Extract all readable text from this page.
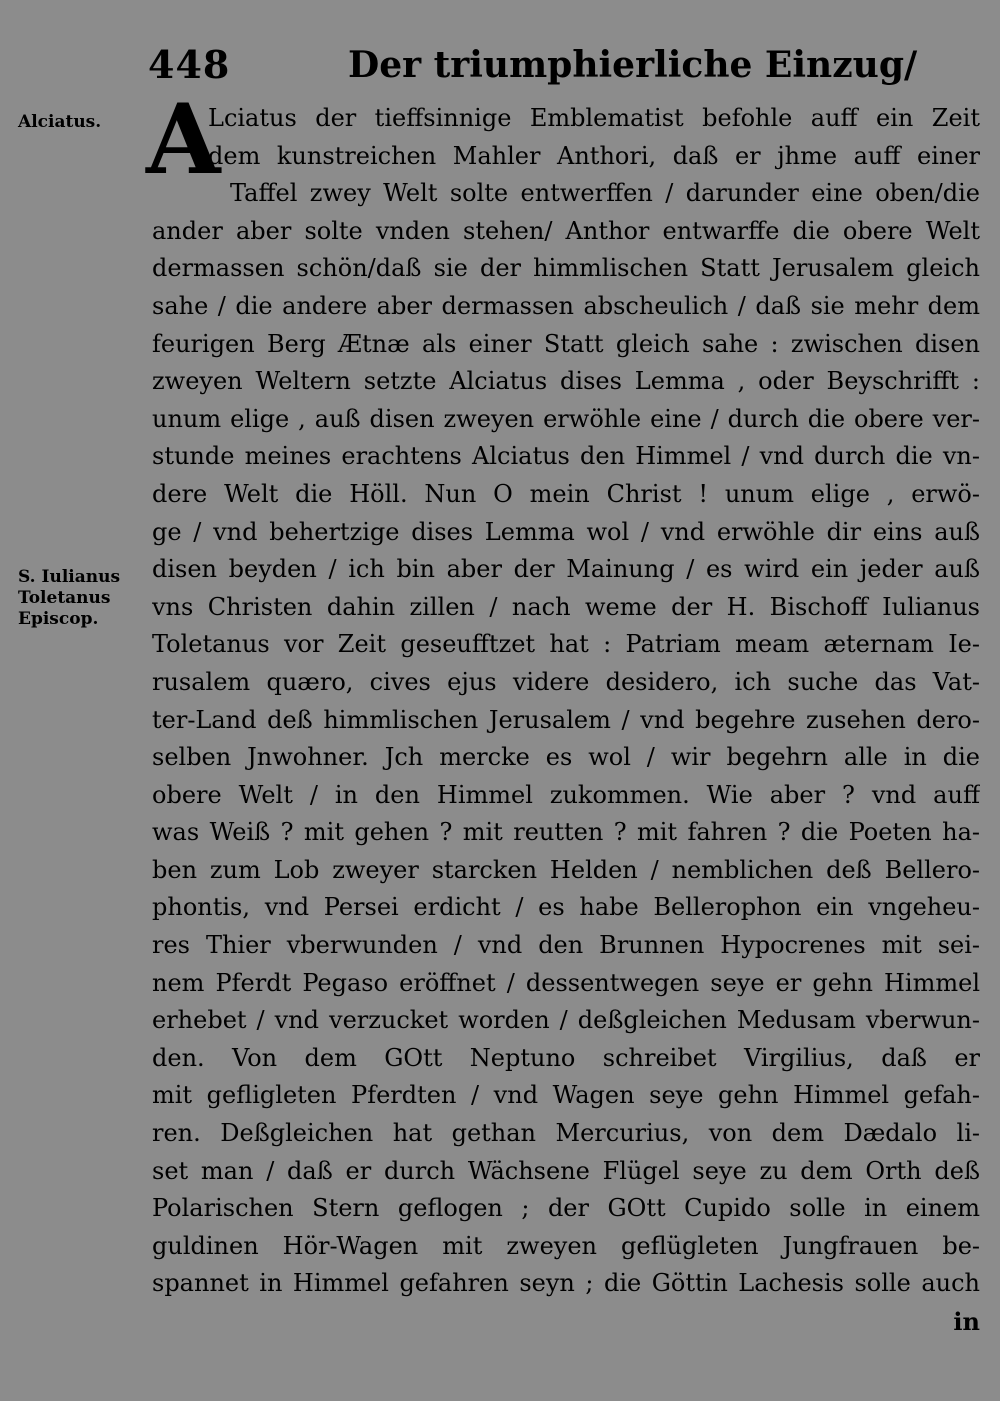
448	Der triumphierliche Einzug/
Alciatus.
S. Iulianus
Toletanus
Episcop.
A
Lciatus der tieffsinnige Emblematist befohle auff ein Zeit
dem kunstreichen Mahler Anthori, daß er jhme auff einer
Taffel zwey Welt solte entwerffen / darunder eine oben/die
ander aber solte vnden stehen/ Anthor entwarffe die obere Welt
dermassen schön/daß sie der himmlischen Statt Jerusalem gleich
sahe / die andere aber dermassen abscheulich / daß sie mehr dem
feurigen Berg Ætnæ als einer Statt gleich sahe : zwischen disen
zweyen Weltern setzte Alciatus dises Lemma , oder Beyschrifft :
unum elige , auß disen zweyen erwöhle eine / durch die obere ver-
stunde meines erachtens Alciatus den Himmel / vnd durch die vn-
dere Welt die Höll. Nun O mein Christ ! unum elige , erwö-
ge / vnd behertzige dises Lemma wol / vnd erwöhle dir eins auß
disen beyden / ich bin aber der Mainung / es wird ein jeder auß
vns Christen dahin zillen / nach weme der H. Bischoff Iulianus
Toletanus vor Zeit geseufftzet hat : Patriam meam æternam Ie-
rusalem quæro, cives ejus videre desidero, ich suche das Vat-
ter-Land deß himmlischen Jerusalem / vnd begehre zusehen dero-
selben Jnwohner. Jch mercke es wol / wir begehrn alle in die
obere Welt / in den Himmel zukommen. Wie aber ? vnd auff
was Weiß ? mit gehen ? mit reutten ? mit fahren ? die Poeten ha-
ben zum Lob zweyer starcken Helden / nemblichen deß Bellero-
phontis, vnd Persei erdicht / es habe Bellerophon ein vngeheu-
res Thier vberwunden / vnd den Brunnen Hypocrenes mit sei-
nem Pferdt Pegaso eröffnet / dessentwegen seye er gehn Himmel
erhebet / vnd verzucket worden / deßgleichen Medusam vberwun-
den. Von dem GOtt Neptuno schreibet Virgilius, daß er
mit gefligleten Pferdten / vnd Wagen seye gehn Himmel gefah-
ren. Deßgleichen hat gethan Mercurius, von dem Dædalo li-
set man / daß er durch Wächsene Flügel seye zu dem Orth deß
Polarischen Stern geflogen ; der GOtt Cupido solle in einem
guldinen Hör-Wagen mit zweyen geflügleten Jungfrauen be-
spannet in Himmel gefahren seyn ; die Göttin Lachesis solle auch
in
